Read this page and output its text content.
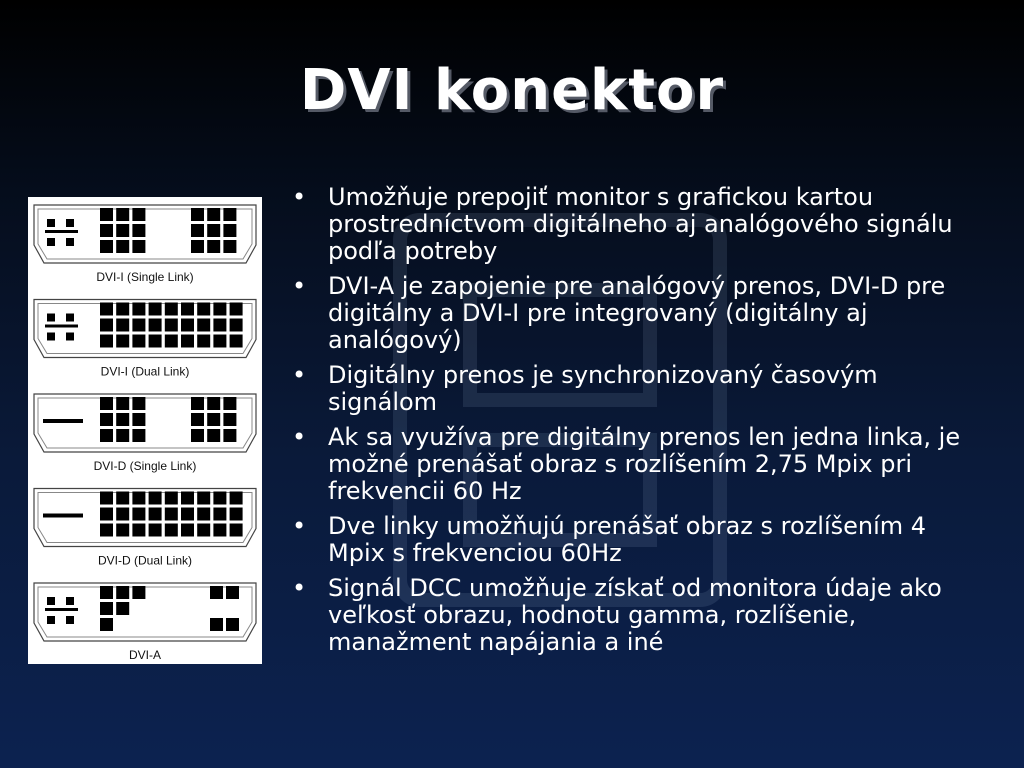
DVI konektor
DVI-I (Single Link)
DVI-I (Dual Link)
DVI-D (Single Link)
DVI-D (Dual Link)
DVI-A
• Umožňuje prepojiť monitor s grafickou kartou prostredníctvom digitálneho aj analógového signálu podľa potreby
• DVI-A je zapojenie pre analógový prenos, DVI-D pre digitálny a DVI-I pre integrovaný (digitálny aj analógový)
• Digitálny prenos je synchronizovaný časovým signálom
• Ak sa využíva pre digitálny prenos len jedna linka, je možné prenášať obraz s rozlíšením 2,75 Mpix pri frekvencii 60 Hz
• Dve linky umožňujú prenášať obraz s rozlíšením 4 Mpix s frekvenciou 60Hz
• Signál DCC umožňuje získať od monitora údaje ako veľkosť obrazu, hodnotu gamma, rozlíšenie, manažment napájania a iné
